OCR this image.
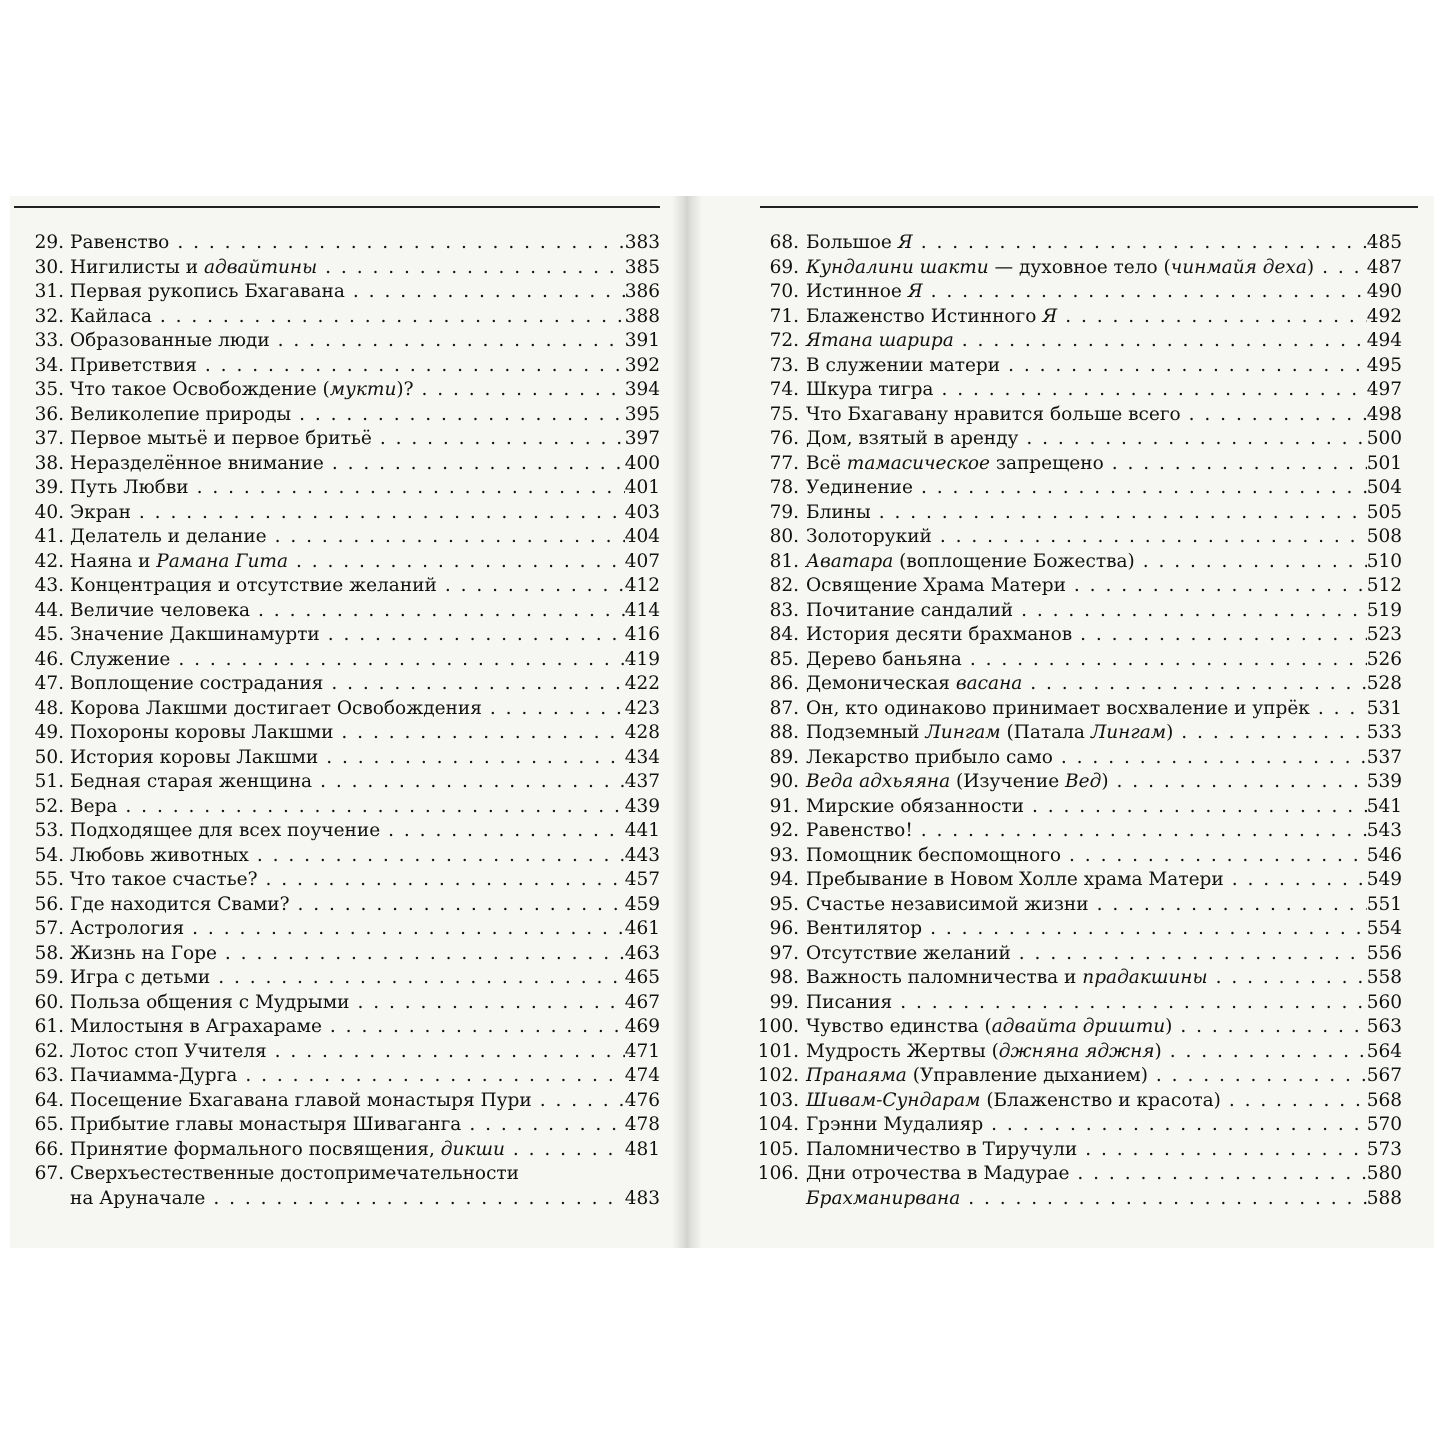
29. Равенство . . .	383
30. Нигилисты и адвайтины . . .	385
31. Первая рукопись Бхагавана . . .	386
32. Кайласа . . .	388
33. Образованные люди . . .	391
34. Приветствия . . .	392
35. Что такое Освобождение (мукти)? . . .	394
36. Великолепие природы . . .	395
37. Первое мытьё и первое бритьё . . .	397
38. Неразделённое внимание . . .	400
39. Путь Любви . . .	401
40. Экран . . .	403
41. Делатель и делание . . .	404
42. Наяна и Рамана Гита . . .	407
43. Концентрация и отсутствие желаний . . .	412
44. Величие человека . . .	414
45. Значение Дакшинамурти . . .	416
46. Служение . . .	419
47. Воплощение сострадания . . .	422
48. Корова Лакшми достигает Освобождения . . .	423
49. Похороны коровы Лакшми . . .	428
50. История коровы Лакшми . . .	434
51. Бедная старая женщина . . .	437
52. Вера . . .	439
53. Подходящее для всех поучение . . .	441
54. Любовь животных . . .	443
55. Что такое счастье? . . .	457
56. Где находится Свами? . . .	459
57. Астрология . . .	461
58. Жизнь на Горе . . .	463
59. Игра с детьми . . .	465
60. Польза общения с Мудрыми . . .	467
61. Милостыня в Аграхараме . . .	469
62. Лотос стоп Учителя . . .	471
63. Пачиамма-Дурга . . .	474
64. Посещение Бхагавана главой монастыря Пури . . .	476
65. Прибытие главы монастыря Шиваганга . . .	478
66. Принятие формального посвящения, дикши . . .	481
67. Сверхъестественные достопримечательности
на Аруначале . . .	483
68. Большое Я . . .	485
69. Кундалини шакти — духовное тело (чинмайя деха) . . .	487
70. Истинное Я . . .	490
71. Блаженство Истинного Я . . .	492
72. Ятана шарира . . .	494
73. В служении матери . . .	495
74. Шкура тигра . . .	497
75. Что Бхагавану нравится больше всего . . .	498
76. Дом, взятый в аренду . . .	500
77. Всё тамасическое запрещено . . .	501
78. Уединение . . .	504
79. Блины . . .	505
80. Золоторукий . . .	508
81. Аватара (воплощение Божества) . . .	510
82. Освящение Храма Матери . . .	512
83. Почитание сандалий . . .	519
84. История десяти брахманов . . .	523
85. Дерево баньяна . . .	526
86. Демоническая васана . . .	528
87. Он, кто одинаково принимает восхваление и упрёк . . .	531
88. Подземный Лингам (Патала Лингам) . . .	533
89. Лекарство прибыло само . . .	537
90. Веда адхьяяна (Изучение Вед) . . .	539
91. Мирские обязанности . . .	541
92. Равенство! . . .	543
93. Помощник беспомощного . . .	546
94. Пребывание в Новом Холле храма Матери . . .	549
95. Счастье независимой жизни . . .	551
96. Вентилятор . . .	554
97. Отсутствие желаний . . .	556
98. Важность паломничества и прадакшины . . .	558
99. Писания . . .	560
100. Чувство единства (адвайта дришти) . . .	563
101. Мудрость Жертвы (джняна яджня) . . .	564
102. Пранаяма (Управление дыханием) . . .	567
103. Шивам-Сундарам (Блаженство и красота) . . .	568
104. Грэнни Мудалияр . . .	570
105. Паломничество в Тиручули . . .	573
106. Дни отрочества в Мадурае . . .	580
Брахманирвана . . .	588
